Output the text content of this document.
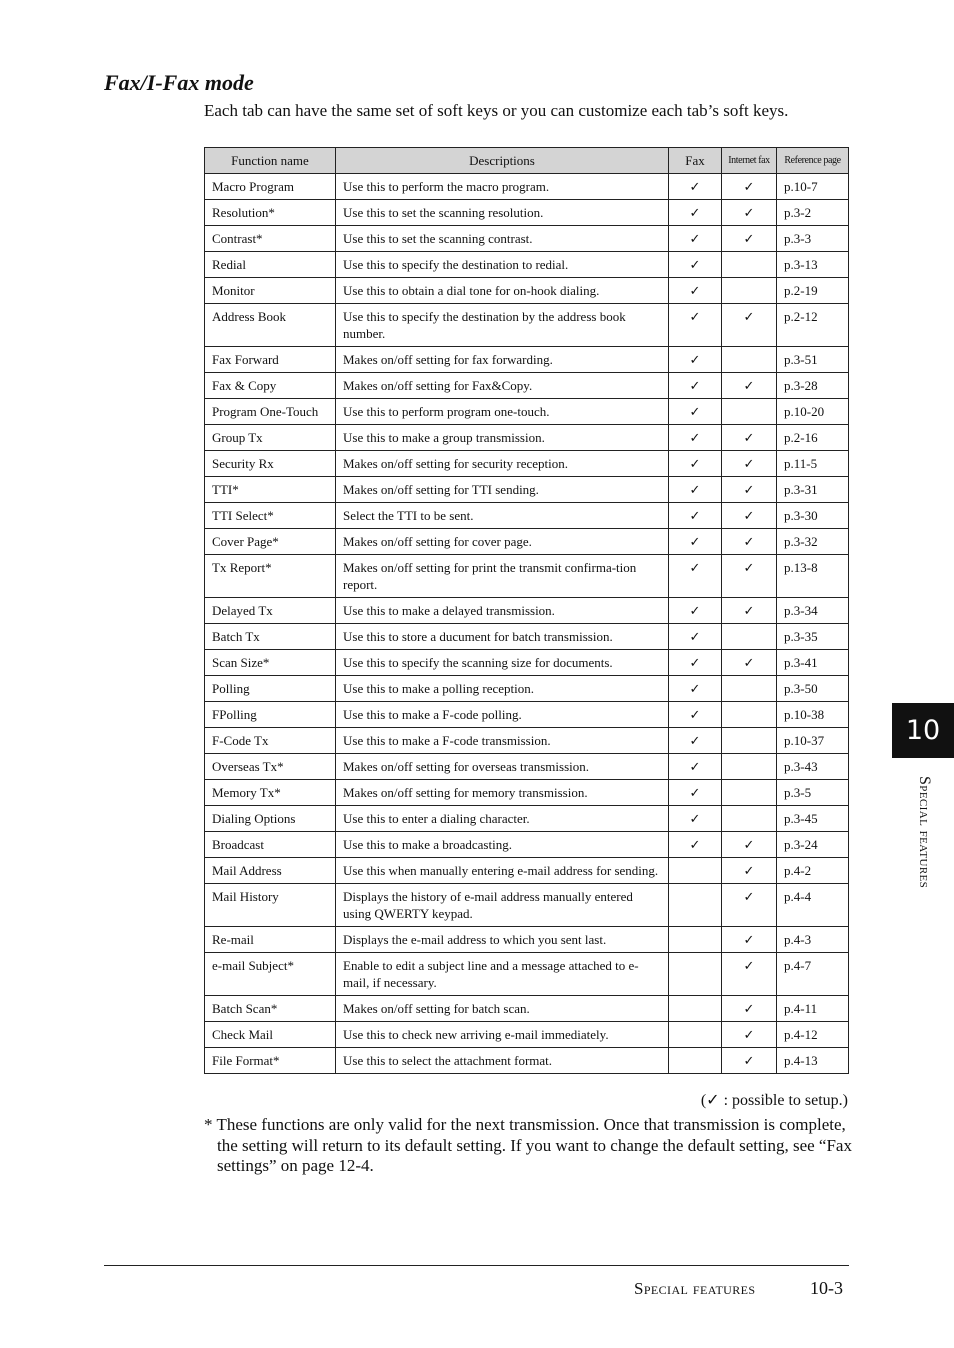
Fax/I-Fax mode

Each tab can have the same set of soft keys or you can customize each tab’s soft keys.

Function name	Descriptions	Fax	Internet fax	Reference page
Macro Program	Use this to perform the macro program.	✓	✓	p.10-7
Resolution*	Use this to set the scanning resolution.	✓	✓	p.3-2
Contrast*	Use this to set the scanning contrast.	✓	✓	p.3-3
Redial	Use this to specify the destination to redial.	✓		p.3-13
Monitor	Use this to obtain a dial tone for on-hook dialing.	✓		p.2-19
Address Book	Use this to specify the destination by the address book number.	✓	✓	p.2-12
Fax Forward	Makes on/off setting for fax forwarding.	✓		p.3-51
Fax & Copy	Makes on/off setting for Fax&Copy.	✓	✓	p.3-28
Program One-Touch	Use this to perform program one-touch.	✓		p.10-20
Group Tx	Use this to make a group transmission.	✓	✓	p.2-16
Security Rx	Makes on/off setting for security reception.	✓	✓	p.11-5
TTI*	Makes on/off setting for TTI sending.	✓	✓	p.3-31
TTI Select*	Select the TTI to be sent.	✓	✓	p.3-30
Cover Page*	Makes on/off setting for cover page.	✓	✓	p.3-32
Tx Report*	Makes on/off setting for print the transmit confirma-tion report.	✓	✓	p.13-8
Delayed Tx	Use this to make a delayed transmission.	✓	✓	p.3-34
Batch Tx	Use this to store a ducument for batch transmission.	✓		p.3-35
Scan Size*	Use this to specify the scanning size for documents.	✓	✓	p.3-41
Polling	Use this to make a polling reception.	✓		p.3-50
FPolling	Use this to make a F-code polling.	✓		p.10-38
F-Code Tx	Use this to make a F-code transmission.	✓		p.10-37
Overseas Tx*	Makes on/off setting for overseas transmission.	✓		p.3-43
Memory Tx*	Makes on/off setting for memory transmission.	✓		p.3-5
Dialing Options	Use this to enter a dialing character.	✓		p.3-45
Broadcast	Use this to make a broadcasting.	✓	✓	p.3-24
Mail Address	Use this when manually entering e-mail address for sending.		✓	p.4-2
Mail History	Displays the history of e-mail address manually entered using QWERTY keypad.		✓	p.4-4
Re-mail	Displays the e-mail address to which you sent last.		✓	p.4-3
e-mail Subject*	Enable to edit a subject line and a message attached to e-mail, if necessary.		✓	p.4-7
Batch Scan*	Makes on/off setting for batch scan.		✓	p.4-11
Check Mail	Use this to check new arriving e-mail immediately.		✓	p.4-12
File Format*	Use this to select the attachment format.		✓	p.4-13

(✓ : possible to setup.)

* These functions are only valid for the next transmission. Once that transmission is complete, the setting will return to its default setting. If you want to change the default setting, see “Fax settings” on page 12-4.

10
Special features
Special features	10-3
